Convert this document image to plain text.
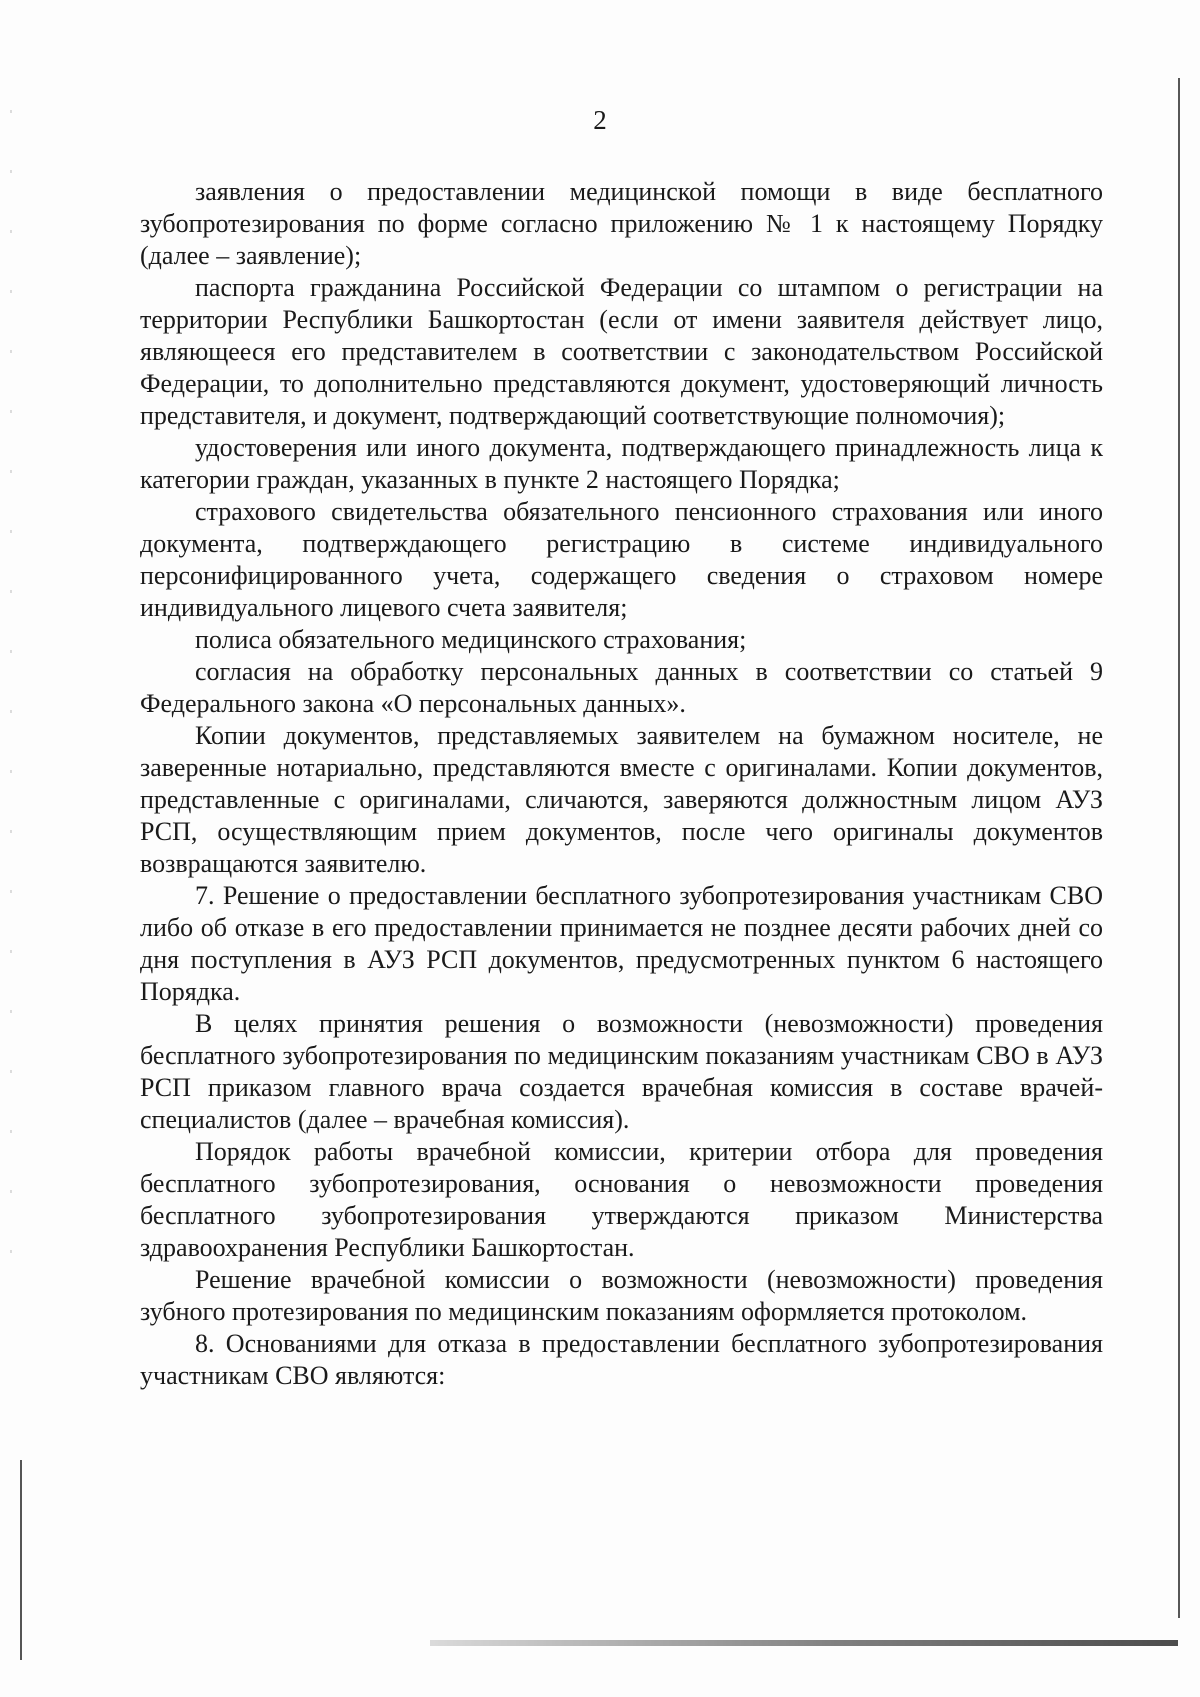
2

заявления о предоставлении медицинской помощи в виде бесплатного зубопротезирования по форме согласно приложению № 1 к настоящему Порядку (далее – заявление);

паспорта гражданина Российской Федерации со штампом о регистрации на территории Республики Башкортостан (если от имени заявителя действует лицо, являющееся его представителем в соответствии с законодательством Российской Федерации, то дополнительно представляются документ, удостоверяющий личность представителя, и документ, подтверждающий соответствующие полномочия);

удостоверения или иного документа, подтверждающего принадлежность лица к категории граждан, указанных в пункте 2 настоящего Порядка;

страхового свидетельства обязательного пенсионного страхования или иного документа, подтверждающего регистрацию в системе индивидуального персонифицированного учета, содержащего сведения о страховом номере индивидуального лицевого счета заявителя;

полиса обязательного медицинского страхования;

согласия на обработку персональных данных в соответствии со статьей 9 Федерального закона «О персональных данных».

Копии документов, представляемых заявителем на бумажном носителе, не заверенные нотариально, представляются вместе с оригиналами. Копии документов, представленные с оригиналами, сличаются, заверяются должностным лицом АУЗ РСП, осуществляющим прием документов, после чего оригиналы документов возвращаются заявителю.

7. Решение о предоставлении бесплатного зубопротезирования участникам СВО либо об отказе в его предоставлении принимается не позднее десяти рабочих дней со дня поступления в АУЗ РСП документов, предусмотренных пунктом 6 настоящего Порядка.

В целях принятия решения о возможности (невозможности) проведения бесплатного зубопротезирования по медицинским показаниям участникам СВО в АУЗ РСП приказом главного врача создается врачебная комиссия в составе врачей-специалистов (далее – врачебная комиссия).

Порядок работы врачебной комиссии, критерии отбора для проведения бесплатного зубопротезирования, основания о невозможности проведения бесплатного зубопротезирования утверждаются приказом Министерства здравоохранения Республики Башкортостан.

Решение врачебной комиссии о возможности (невозможности) проведения зубного протезирования по медицинским показаниям оформляется протоколом.

8. Основаниями для отказа в предоставлении бесплатного зубопротезирования участникам СВО являются:
